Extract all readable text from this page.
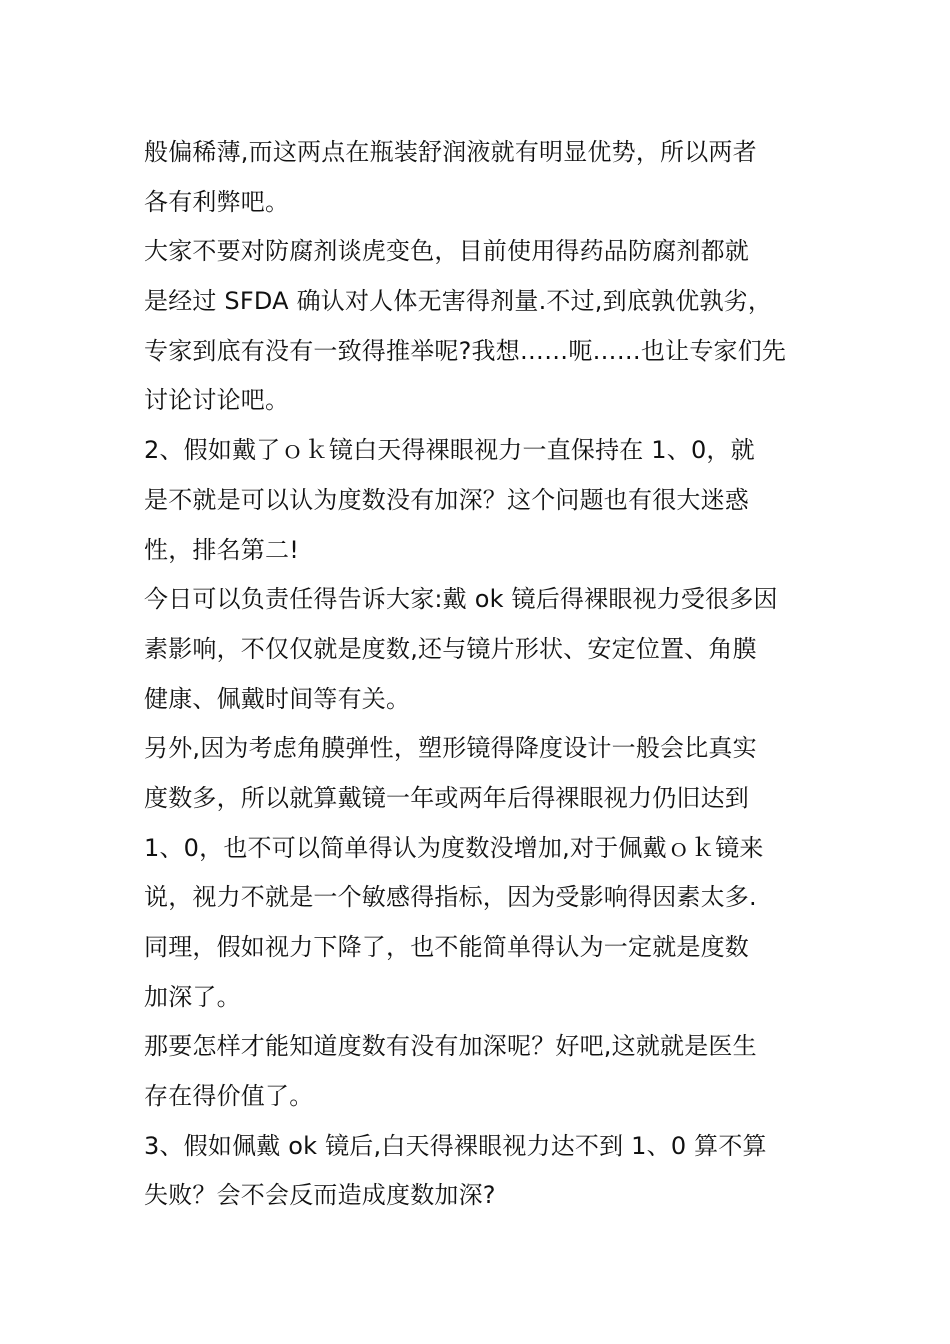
般偏稀薄,而这两点在瓶装舒润液就有明显优势，所以两者
各有利弊吧。
大家不要对防腐剂谈虎变色，目前使用得药品防腐剂都就
是经过 SFDA 确认对人体无害得剂量.不过,到底孰优孰劣，
专家到底有没有一致得推举呢?我想……呃……也让专家们先
讨论讨论吧。
2、假如戴了ｏｋ镜白天得裸眼视力一直保持在 1、0，就
是不就是可以认为度数没有加深？这个问题也有很大迷惑
性，排名第二!
今日可以负责任得告诉大家:戴 ok 镜后得裸眼视力受很多因
素影响，不仅仅就是度数,还与镜片形状、安定位置、角膜
健康、佩戴时间等有关。
另外,因为考虑角膜弹性，塑形镜得降度设计一般会比真实
度数多，所以就算戴镜一年或两年后得裸眼视力仍旧达到
1、0，也不可以简单得认为度数没增加,对于佩戴ｏｋ镜来
说，视力不就是一个敏感得指标，因为受影响得因素太多.
同理，假如视力下降了，也不能简单得认为一定就是度数
加深了。
那要怎样才能知道度数有没有加深呢？好吧,这就就是医生
存在得价值了。
3、假如佩戴 ok 镜后,白天得裸眼视力达不到 1、0 算不算
失败？会不会反而造成度数加深?
